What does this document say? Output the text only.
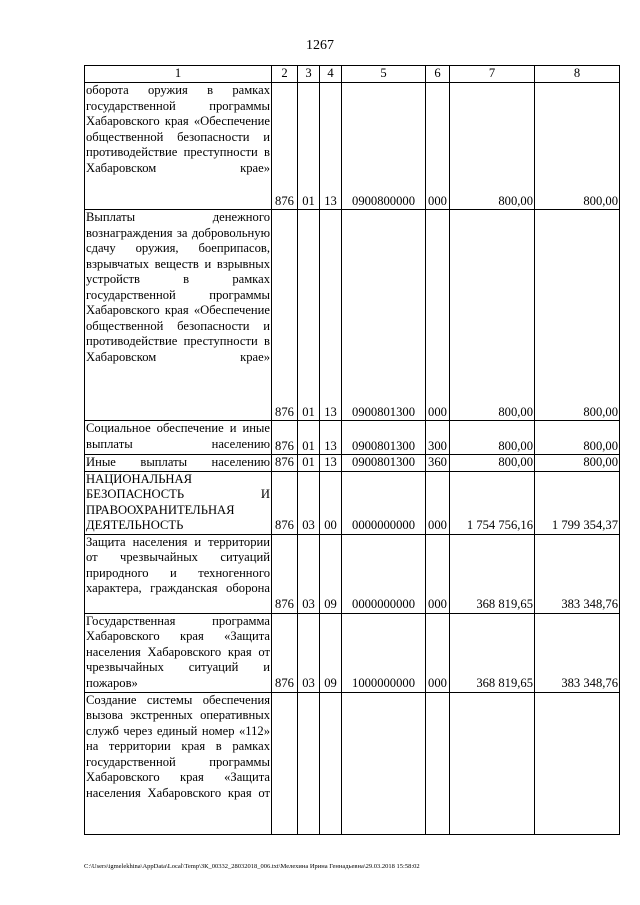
1267
1	2	3	4	5	6	7	8
оборота оружия в рамках государственной программы Хабаровского края «Обеспечение общественной безопасности и противодействие преступности в Хабаровском крае»	876	01	13	0900800000	000	800,00	800,00
Выплаты денежного вознаграждения за добровольную сдачу оружия, боеприпасов, взрывчатых веществ и взрывных устройств в рамках государственной программы Хабаровского края «Обеспечение общественной безопасности и противодействие преступности в Хабаровском крае»	876	01	13	0900801300	000	800,00	800,00
Социальное обеспечение и иные выплаты населению	876	01	13	0900801300	300	800,00	800,00
Иные выплаты населению	876	01	13	0900801300	360	800,00	800,00
НАЦИОНАЛЬНАЯ БЕЗОПАСНОСТЬ И ПРАВООХРАНИТЕЛЬНАЯ ДЕЯТЕЛЬНОСТЬ	876	03	00	0000000000	000	1 754 756,16	1 799 354,37
Защита населения и территории от чрезвычайных ситуаций природного и техногенного характера, гражданская оборона	876	03	09	0000000000	000	368 819,65	383 348,76
Государственная программа Хабаровского края «Защита населения Хабаровского края от чрезвычайных ситуаций и пожаров»	876	03	09	1000000000	000	368 819,65	383 348,76
Создание системы обеспечения вызова экстренных оперативных служб через единый номер «112» на территории края в рамках государственной программы Хабаровского края «Защита населения Хабаровского края от							
C:\Users\igmelekhina\AppData\Local\Temp\ЗК_00332_28032018_006.txt\Мелехина Ирина Геннадьевна\29.03.2018 15:58:02
